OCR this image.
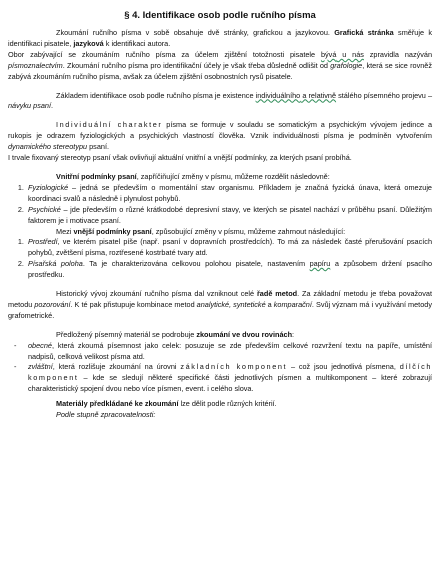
§ 4. Identifikace osob podle ručního písma

Zkoumání ručního písma v sobě obsahuje dvě stránky, grafickou a jazykovou. Grafická stránka směřuje k identifikaci pisatele, jazyková k identifikaci autora.

Obor zabývající se zkoumáním ručního písma za účelem zjištění totožnosti pisatele bývá u nás zpravidla nazýván písmoznalectvím. Zkoumání ručního písma pro identifikační účely je však třeba důsledně odlišit od grafologie, která se sice rovněž zabývá zkoumáním ručního písma, avšak za účelem zjištění osobnostních rysů pisatele.

Základem identifikace osob podle ručního písma je existence individuálního a relativně stálého písemného projevu – návyku psaní.

Individuální charakter písma se formuje v souladu se somatickým a psychickým vývojem jedince a rukopis je odrazem fyziologických a psychických vlastností člověka. Vznik individuálnosti písma je podmíněn vytvořením dynamického stereotypu psaní.

I trvale fixovaný stereotyp psaní však ovlivňují aktuální vnitřní a vnější podmínky, za kterých psaní probíhá.

Vnitřní podmínky psaní, zapříčiňující změny v písmu, můžeme rozdělit následovně:

1. Fyziologické – jedná se především o momentální stav organismu. Příkladem je značná fyzická únava, která omezuje koordinaci svalů a následně i plynulost pohybů.
2. Psychické – jde především o různé krátkodobé depresivní stavy, ve kterých se pisatel nachází v průběhu psaní. Důležitým faktorem je i motivace psaní.

Mezi vnější podmínky psaní, způsobující změny v písmu, můžeme zahrnout následující:

1. Prostředí, ve kterém pisatel píše (např. psaní v dopravních prostředcích). To má za následek časté přerušování psacích pohybů, zvětšení písma, roztřesené kostrbaté tvary atd.
2. Písařská poloha. Ta je charakterizována celkovou polohou pisatele, nastavením papíru a způsobem držení psacího prostředku.

Historický vývoj zkoumání ručního písma dal vzniknout celé řadě metod. Za základní metodu je třeba považovat metodu pozorování. K té pak přistupuje kombinace metod analytické, syntetické a komparační. Svůj význam má i využívání metody grafometrické.

Předložený písemný materiál se podrobuje zkoumání ve dvou rovinách:

- obecné, která zkoumá písemnost jako celek: posuzuje se zde především celkové rozvržení textu na papíře, umístění nadpisů, celková velikost písma atd.
- zvláštní, která rozlišuje zkoumání na úrovni základních komponent – což jsou jednotlivá písmena, dílčích komponent – kde se sledují některé specifické části jednotlivých písmen a multikomponent – které zobrazují charakteristický spojení dvou nebo více písmen, event. i celého slova.

Materiály předkládané ke zkoumání lze dělit podle různých kritérií.

Podle stupně zpracovatelnosti:
